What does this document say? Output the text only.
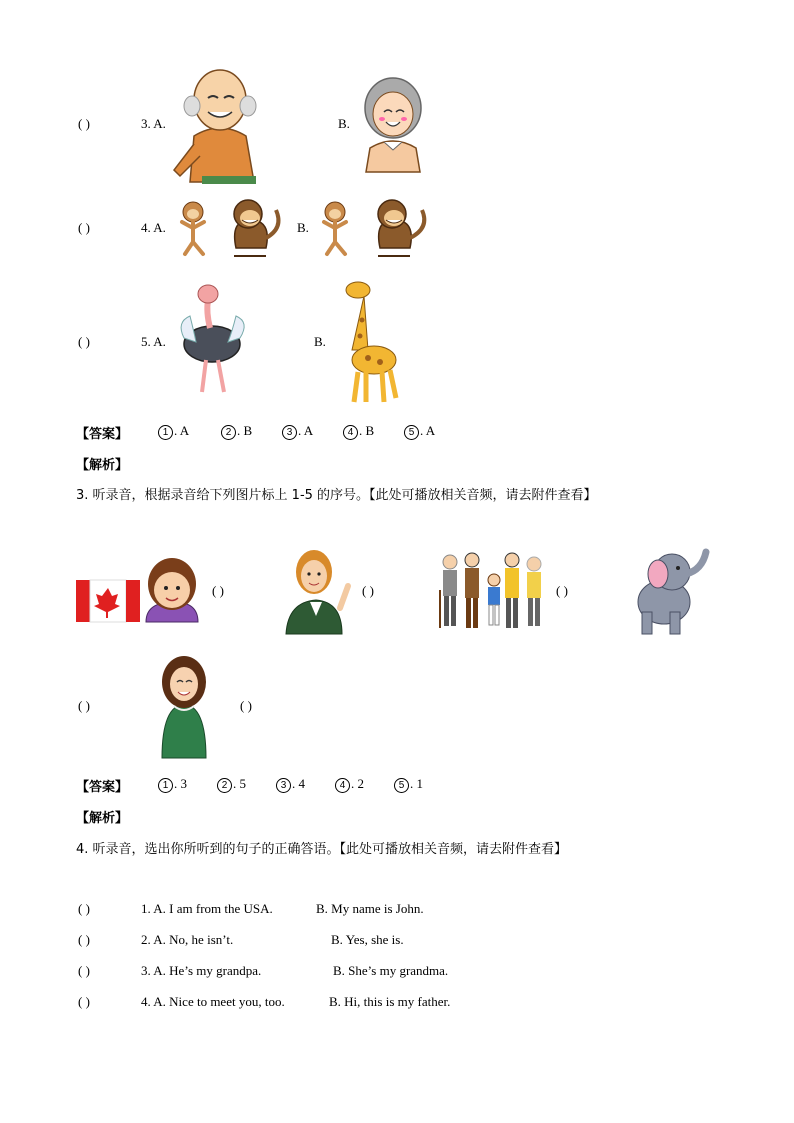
( )	3. A.	B.
( )	4. A.	B.
( )	5. A.	B.
【答案】	1 . A	2 . B	3 . A	4 . B	5 . A
【解析】
3. 听录音，根据录音给下列图片标上 1-5 的序号。【此处可播放相关音频，请去附件查看】
( )	( )	( )
( )	( )
【答案】	1 . 3	2 . 5	3 . 4	4 . 2	5 . 1
【解析】
4. 听录音，选出你所听到的句子的正确答语。【此处可播放相关音频，请去附件查看】
( )	1. A. I am from the USA.	B. My name is John.
( )	2. A. No, he isn’t.	B. Yes, she is.
( )	3. A. He’s my grandpa.	B. She’s my grandma.
( )	4. A. Nice to meet you, too.	B. Hi, this is my father.
